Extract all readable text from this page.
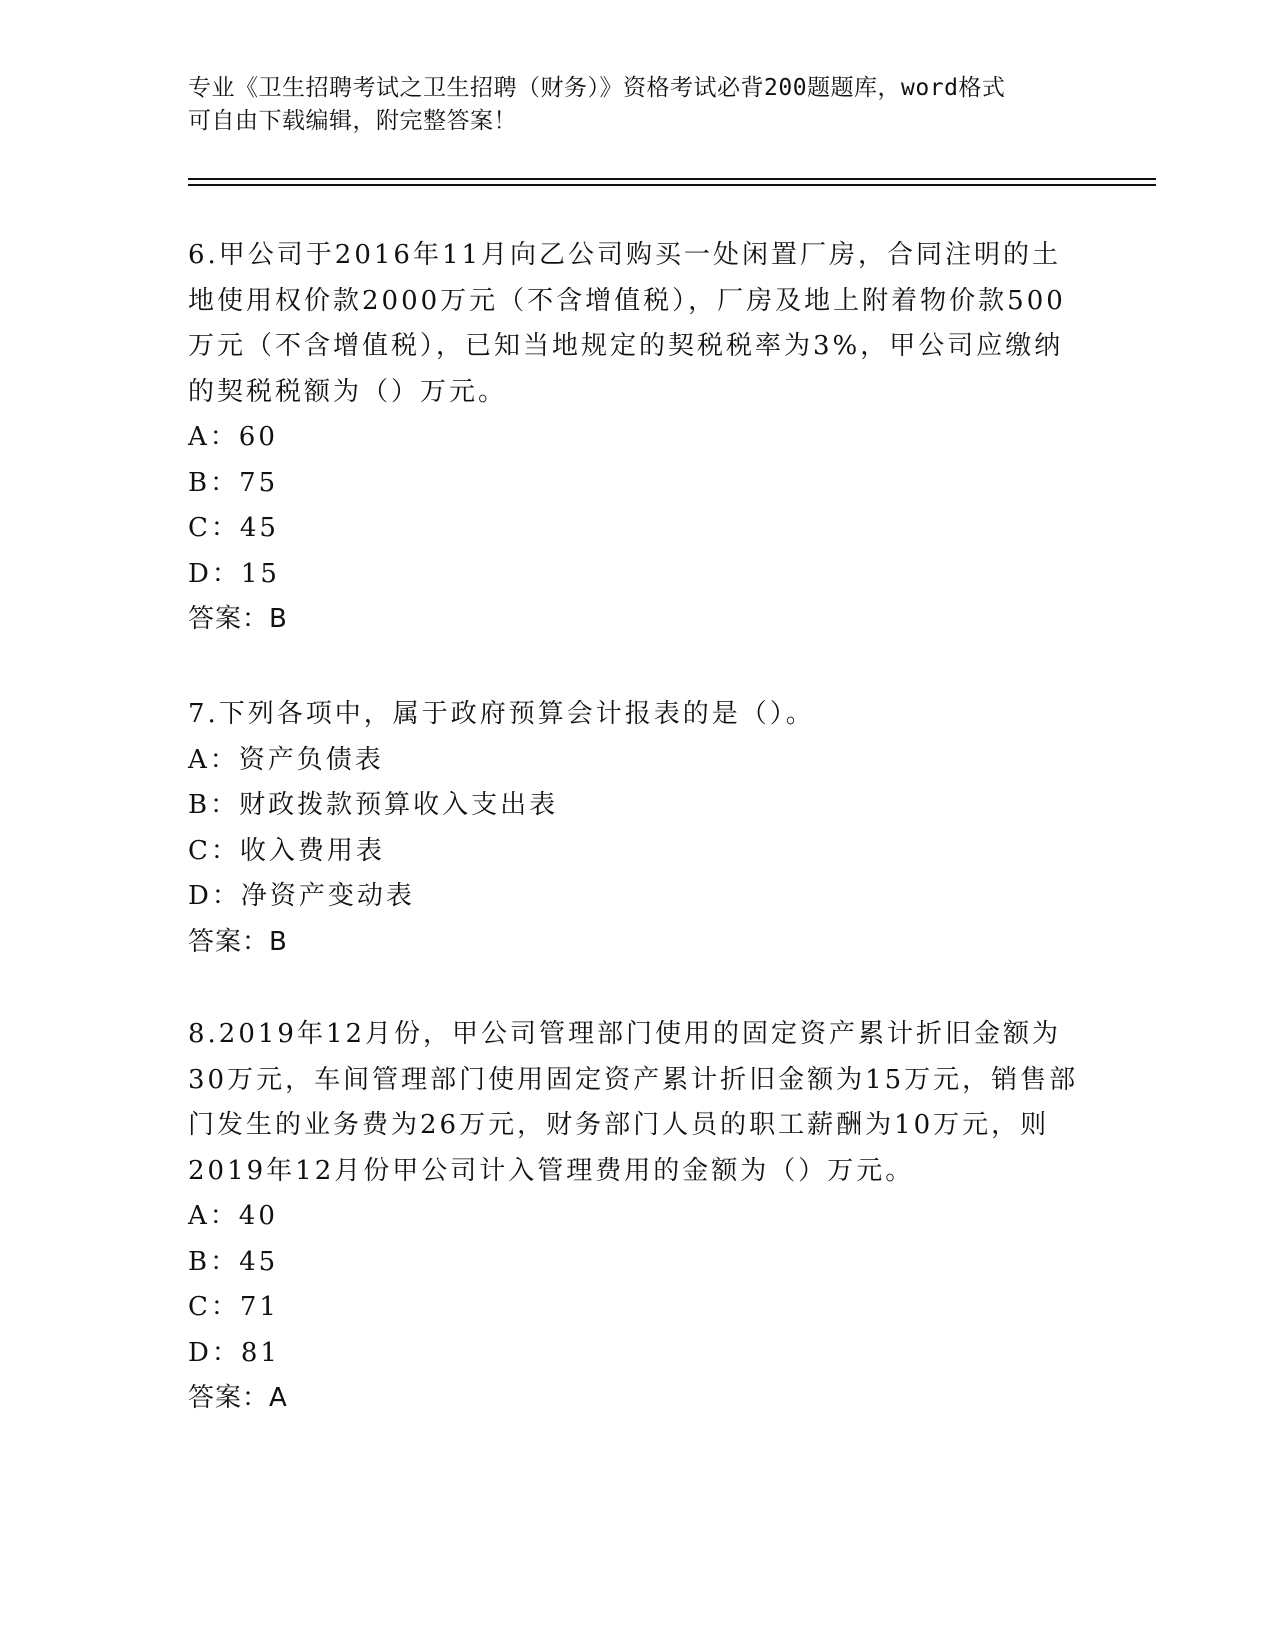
专业《卫生招聘考试之卫生招聘（财务）》资格考试必背200题题库，word格式
可自由下载编辑，附完整答案！
6.甲公司于2016年11月向乙公司购买一处闲置厂房，合同注明的土
地使用权价款2000万元（不含增值税），厂房及地上附着物价款500
万元（不含增值税），已知当地规定的契税税率为3%，甲公司应缴纳
的契税税额为（）万元。
A：60
B：75
C：45
D：15
答案：B
7.下列各项中，属于政府预算会计报表的是（）。
A：资产负债表
B：财政拨款预算收入支出表
C：收入费用表
D：净资产变动表
答案：B
8.2019年12月份，甲公司管理部门使用的固定资产累计折旧金额为
30万元，车间管理部门使用固定资产累计折旧金额为15万元，销售部
门发生的业务费为26万元，财务部门人员的职工薪酬为10万元，则
2019年12月份甲公司计入管理费用的金额为（）万元。
A：40
B：45
C：71
D：81
答案：A
